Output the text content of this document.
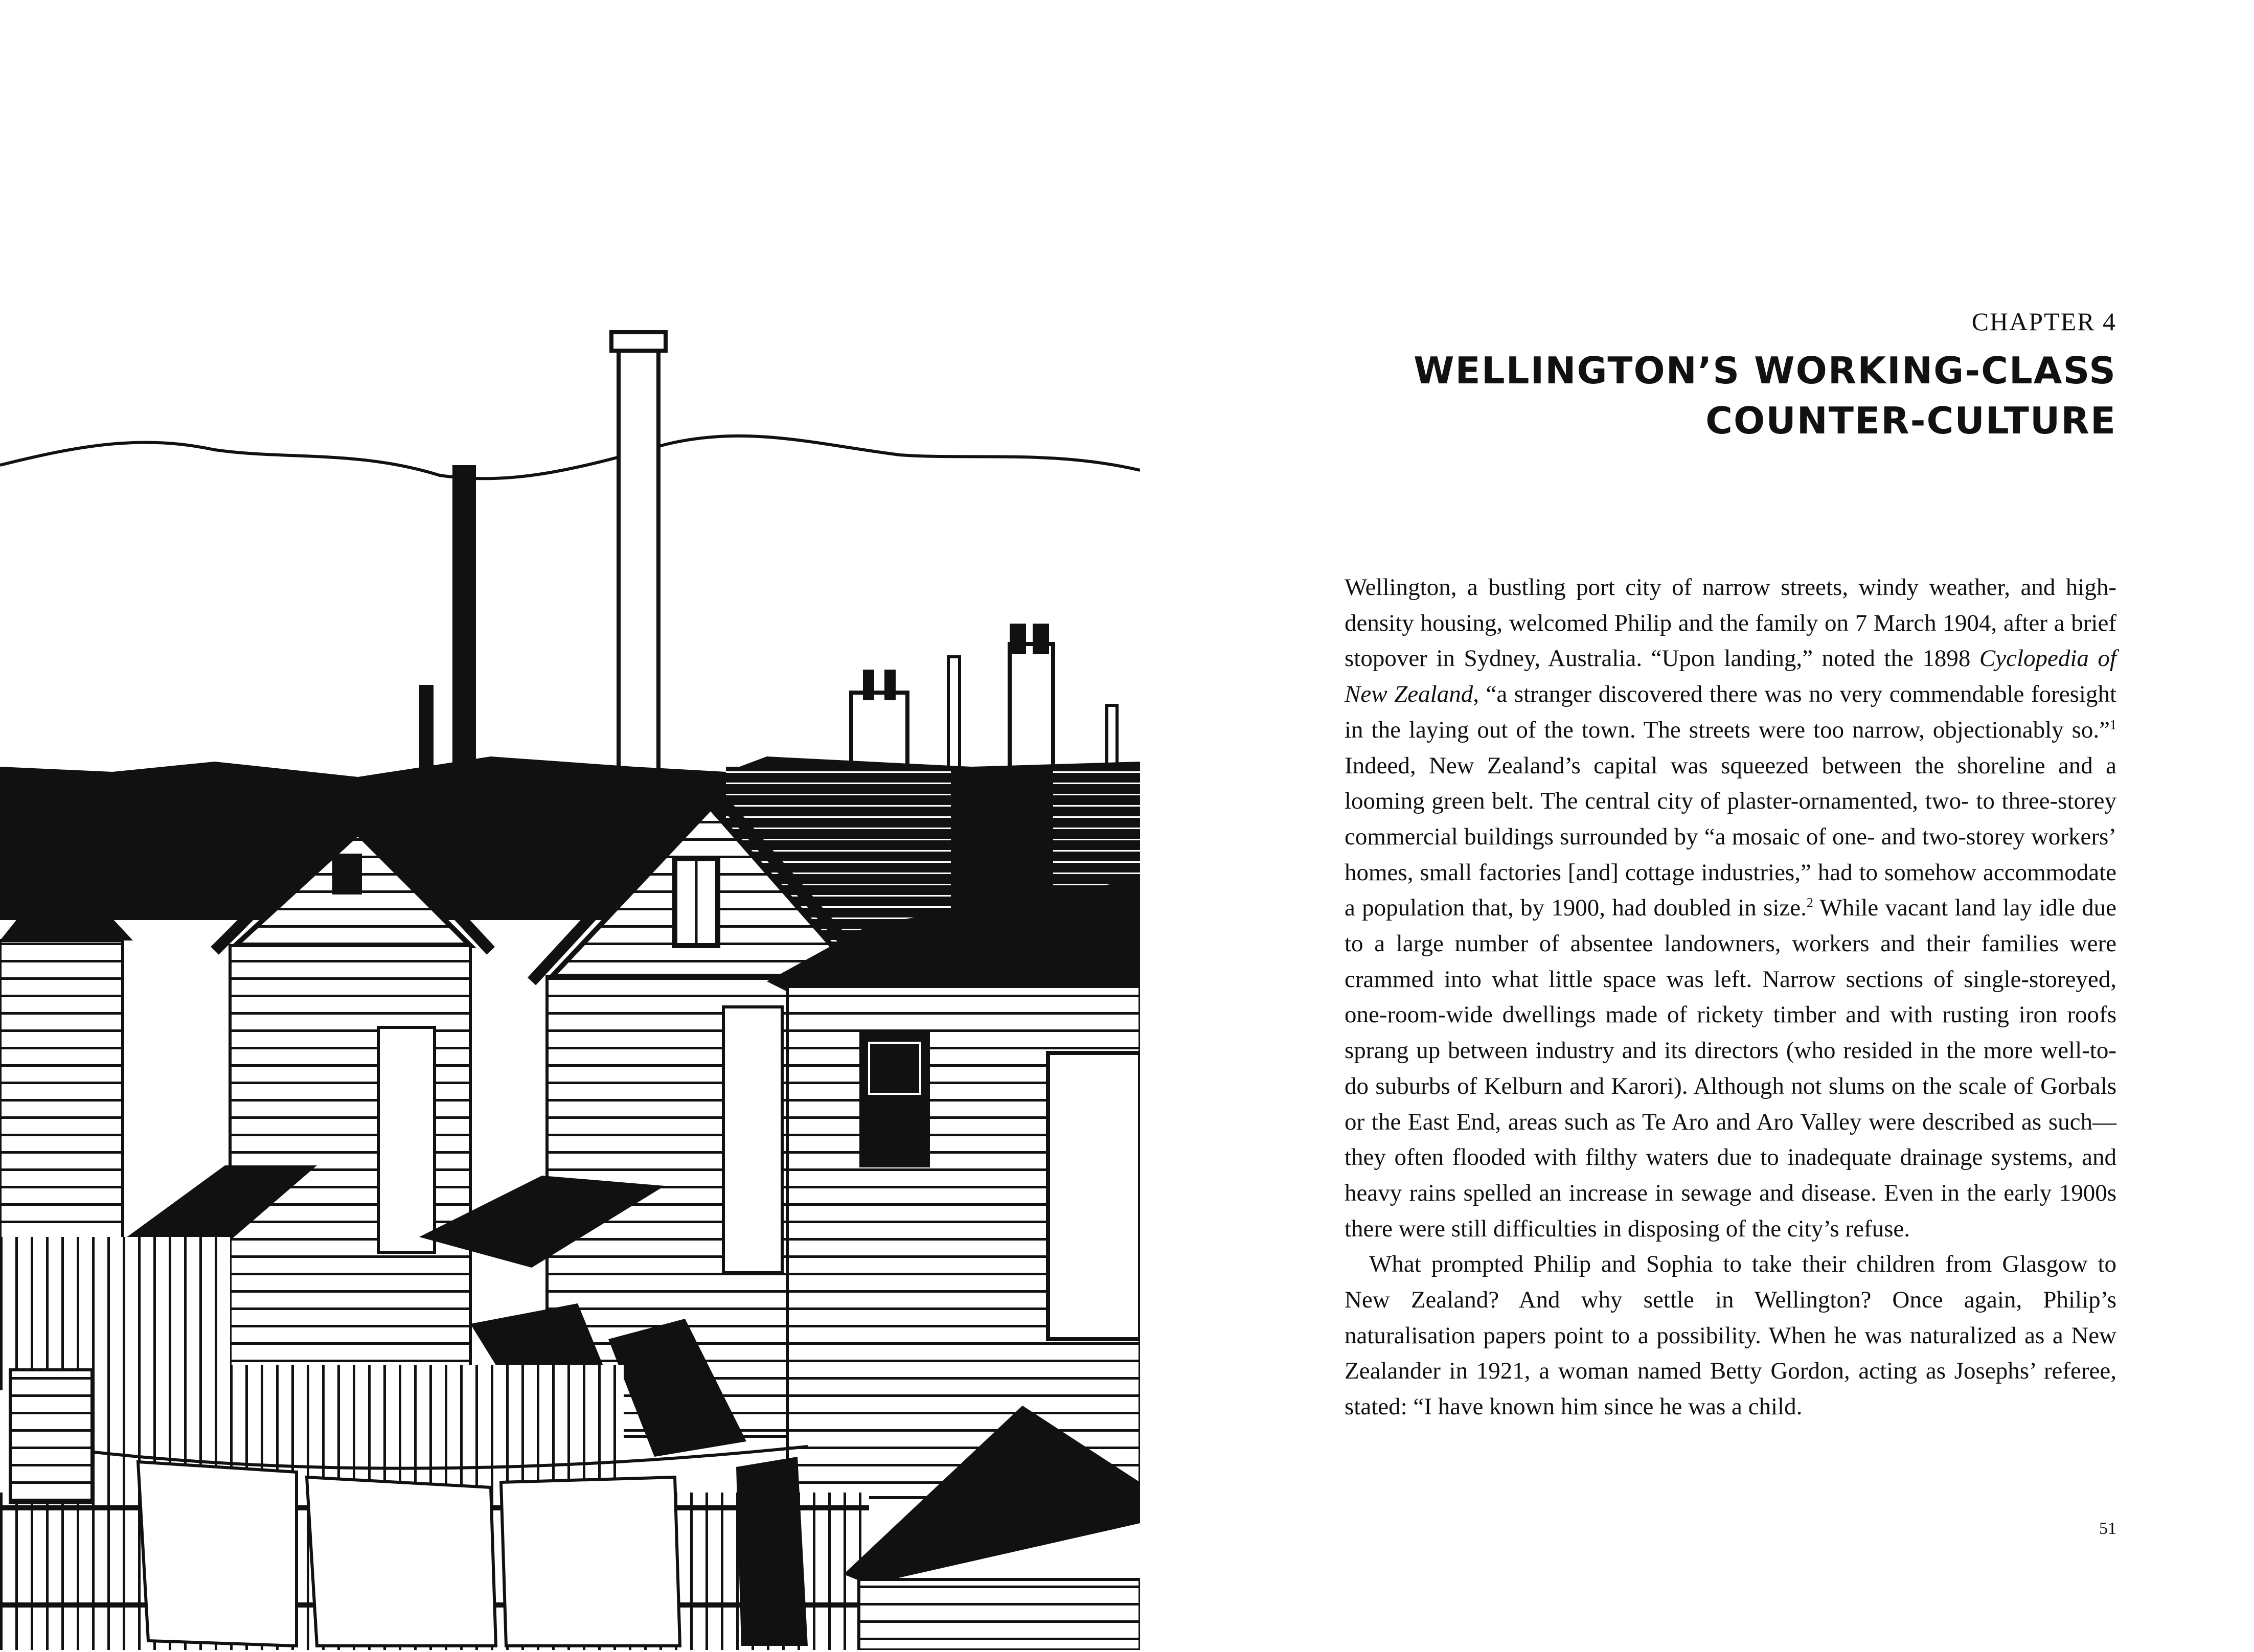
CHAPTER 4

WELLINGTON’S WORKING-CLASS
COUNTER-CULTURE

Wellington, a bustling port city of narrow streets, windy weather, and high-density housing, welcomed Philip and the family on 7 March 1904, after a brief stopover in Sydney, Australia. “Upon landing,” noted the 1898 Cyclopedia of New Zealand, “a stranger discovered there was no very commendable foresight in the laying out of the town. The streets were too narrow, objectionably so.”$^1$ Indeed, New Zealand’s capital was squeezed between the shoreline and a looming green belt. The central city of plaster-ornamented, two- to three-storey commercial buildings surrounded by “a mosaic of one- and two-storey workers’ homes, small factories [and] cottage industries,” had to somehow accommodate a population that, by 1900, had doubled in size.$^2$ While vacant land lay idle due to a large number of absentee landowners, workers and their families were crammed into what little space was left. Narrow sections of single-storeyed, one-room-wide dwellings made of rickety timber and with rusting iron roofs sprang up between industry and its directors (who resided in the more well-to-do suburbs of Kelburn and Karori). Although not slums on the scale of Gorbals or the East End, areas such as Te Aro and Aro Valley were described as such—they often flooded with filthy waters due to inadequate drainage systems, and heavy rains spelled an increase in sewage and disease. Even in the early 1900s there were still difficulties in disposing of the city’s refuse.

What prompted Philip and Sophia to take their children from Glasgow to New Zealand? And why settle in Wellington? Once again, Philip’s naturalisation papers point to a possibility. When he was naturalized as a New Zealander in 1921, a woman named Betty Gordon, acting as Josephs’ referee, stated: “I have known him since he was a child.

51
